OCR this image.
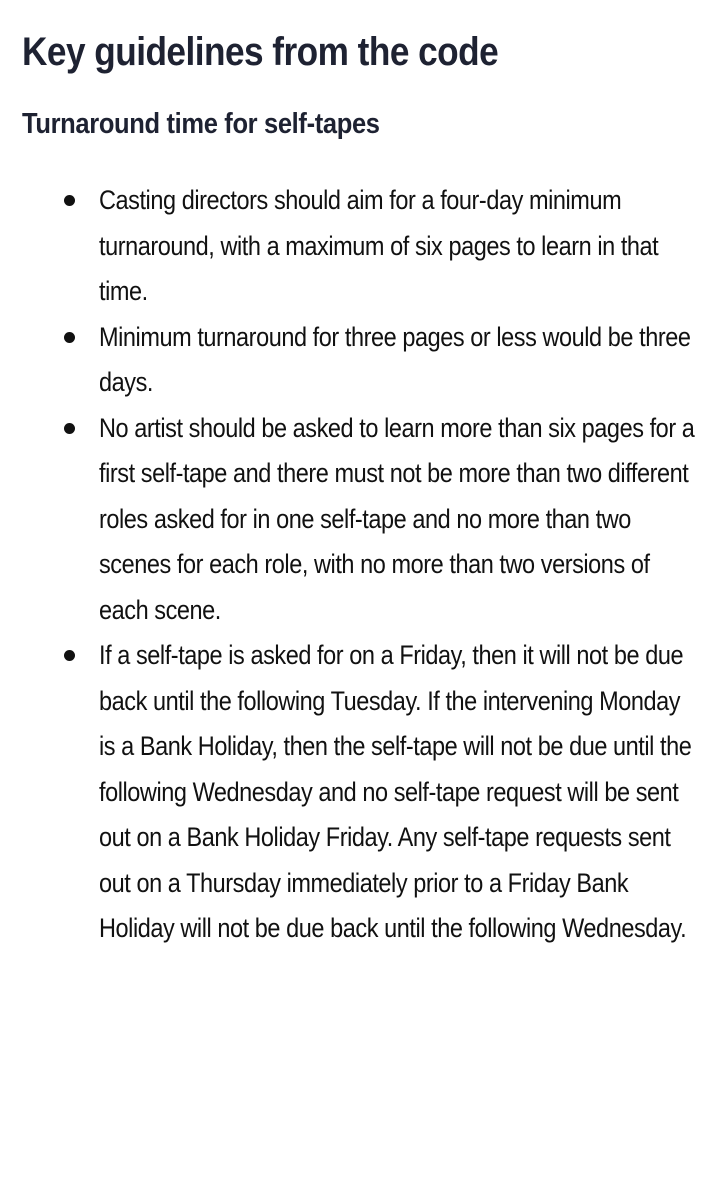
Key guidelines from the code
Turnaround time for self-tapes
Casting directors should aim for a four-day minimum turnaround, with a maximum of six pages to learn in that time.
Minimum turnaround for three pages or less would be three days.
No artist should be asked to learn more than six pages for a first self-tape and there must not be more than two different roles asked for in one self-tape and no more than two scenes for each role, with no more than two versions of each scene.
If a self-tape is asked for on a Friday, then it will not be due back until the following Tuesday. If the intervening Monday is a Bank Holiday, then the self-tape will not be due until the following Wednesday and no self-tape request will be sent out on a Bank Holiday Friday. Any self-tape requests sent out on a Thursday immediately prior to a Friday Bank Holiday will not be due back until the following Wednesday.
